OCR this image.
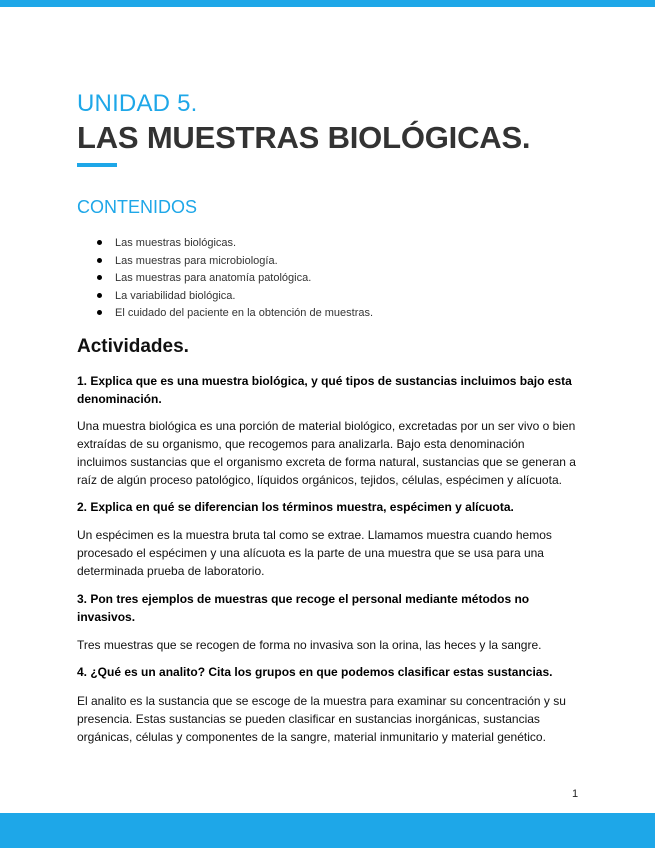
UNIDAD 5.
LAS MUESTRAS BIOLÓGICAS.
CONTENIDOS
Las muestras biológicas.
Las muestras para microbiología.
Las muestras para anatomía patológica.
La variabilidad biológica.
El cuidado del paciente en la obtención de muestras.
Actividades.
1. Explica que es una muestra biológica, y qué tipos de sustancias incluimos bajo esta denominación.
Una muestra biológica es una porción de material biológico, excretadas por un ser vivo o bien extraídas de su organismo, que recogemos para analizarla. Bajo esta denominación incluimos sustancias que el organismo excreta de forma natural, sustancias que se generan a raíz de algún proceso patológico, líquidos orgánicos, tejidos, células, espécimen y alícuota.
2. Explica en qué se diferencian los términos muestra, espécimen y alícuota.
Un espécimen es la muestra bruta tal como se extrae. Llamamos muestra cuando hemos procesado el espécimen y una alícuota es la parte de una muestra que se usa para una determinada prueba de laboratorio.
3. Pon tres ejemplos de muestras que recoge el personal mediante métodos no invasivos.
Tres muestras que se recogen de forma no invasiva son la orina, las heces y la sangre.
4. ¿Qué es un analito? Cita los grupos en que podemos clasificar estas sustancias.
El analito es la sustancia que se escoge de la muestra para examinar su concentración y su presencia. Estas sustancias se pueden clasificar en sustancias inorgánicas, sustancias orgánicas, células y componentes de la sangre, material inmunitario y material genético.
1
